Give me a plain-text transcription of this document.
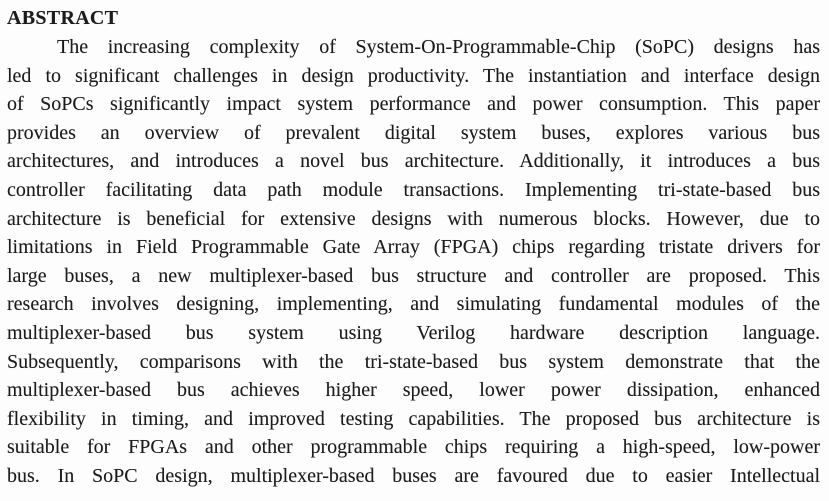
ABSTRACT
The increasing complexity of System-On-Programmable-Chip (SoPC) designs has
led to significant challenges in design productivity. The instantiation and interface design
of SoPCs significantly impact system performance and power consumption. This paper
provides an overview of prevalent digital system buses, explores various bus
architectures, and introduces a novel bus architecture. Additionally, it introduces a bus
controller facilitating data path module transactions. Implementing tri-state-based bus
architecture is beneficial for extensive designs with numerous blocks. However, due to
limitations in Field Programmable Gate Array (FPGA) chips regarding tristate drivers for
large buses, a new multiplexer-based bus structure and controller are proposed. This
research involves designing, implementing, and simulating fundamental modules of the
multiplexer-based bus system using Verilog hardware description language.
Subsequently, comparisons with the tri-state-based bus system demonstrate that the
multiplexer-based bus achieves higher speed, lower power dissipation, enhanced
flexibility in timing, and improved testing capabilities. The proposed bus architecture is
suitable for FPGAs and other programmable chips requiring a high-speed, low-power
bus. In SoPC design, multiplexer-based buses are favoured due to easier Intellectual
